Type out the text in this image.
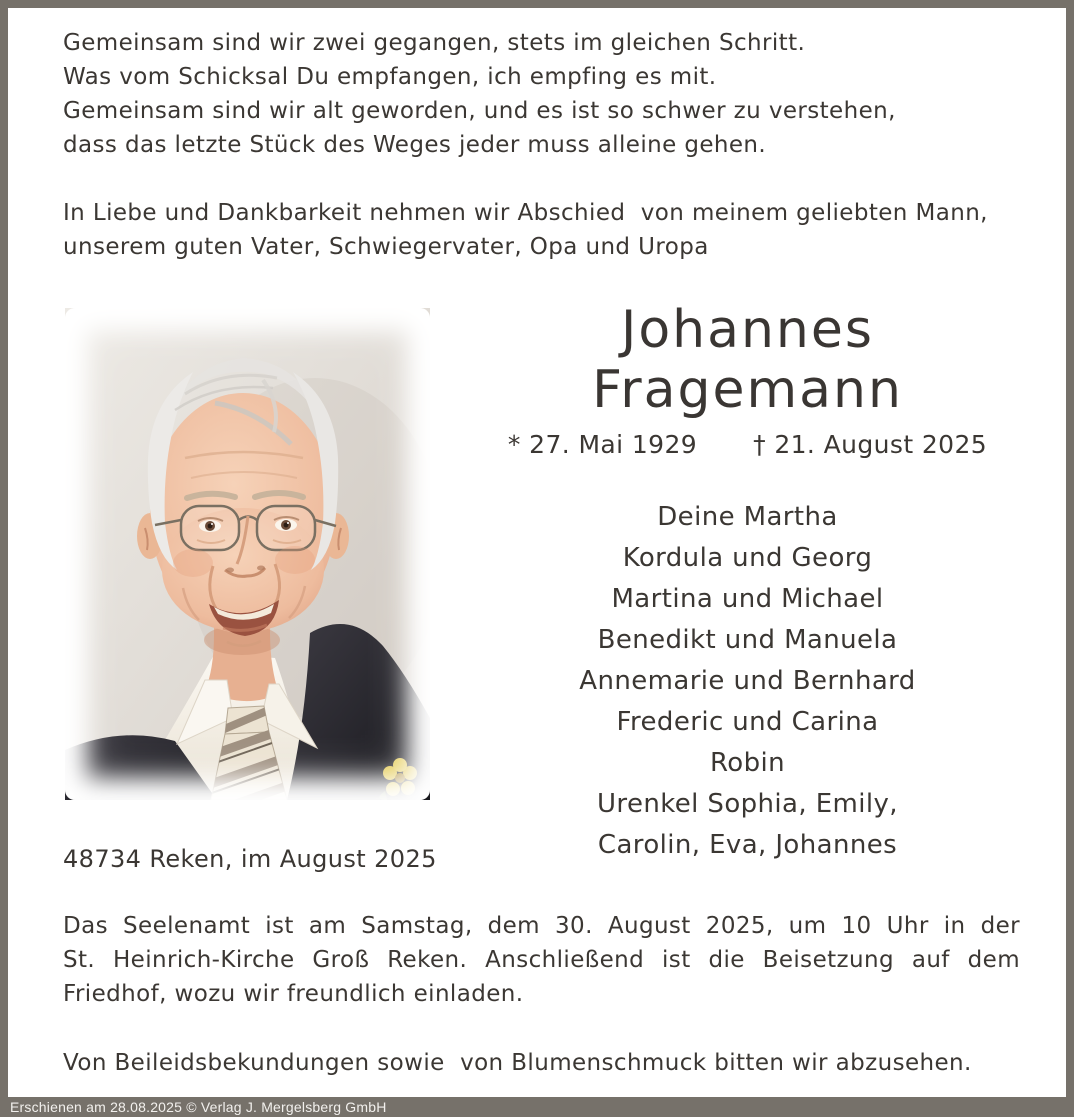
Gemeinsam sind wir zwei gegangen, stets im gleichen Schritt.
Was vom Schicksal Du empfangen, ich empfing es mit.
Gemeinsam sind wir alt geworden, und es ist so schwer zu verstehen,
dass das letzte Stück des Weges jeder muss alleine gehen.
In Liebe und Dankbarkeit nehmen wir Abschied  von meinem geliebten Mann,
unserem guten Vater, Schwiegervater, Opa und Uropa
Johannes Fragemann
* 27. Mai 1929 † 21. August 2025
Deine Martha
Kordula und Georg
Martina und Michael
Benedikt und Manuela
Annemarie und Bernhard
Frederic und Carina
Robin
Urenkel Sophia, Emily,
Carolin, Eva, Johannes
48734 Reken, im August 2025
Das Seelenamt ist am Samstag, dem 30. August 2025, um 10 Uhr in der
St. Heinrich-Kirche Groß Reken. Anschließend ist die Beisetzung auf dem
Friedhof, wozu wir freundlich einladen.
Von Beileidsbekundungen sowie  von Blumenschmuck bitten wir abzusehen.
Erschienen am 28.08.2025 © Verlag J. Mergelsberg GmbH
